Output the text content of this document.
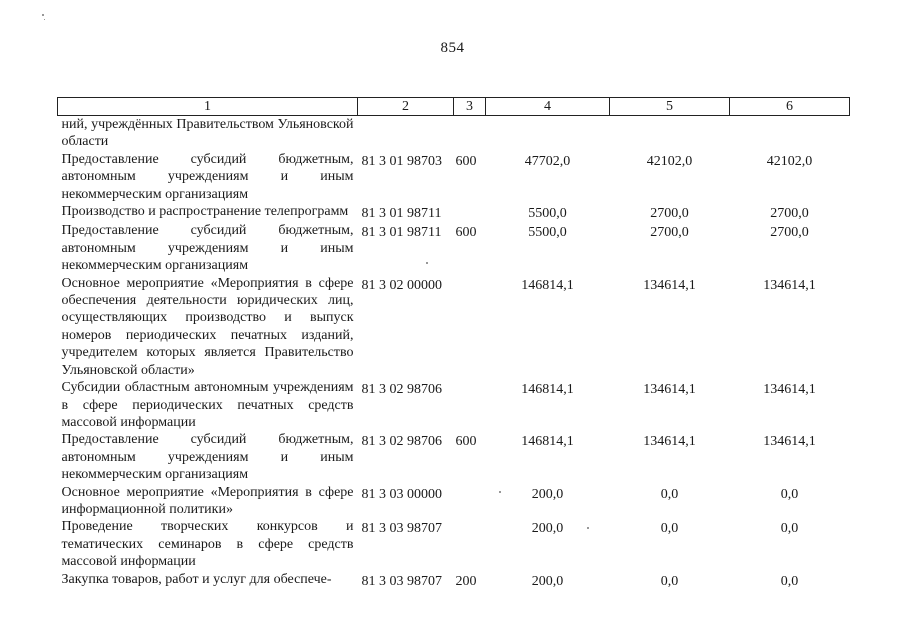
854
1	2	3	4	5	6
ний, учреждённых Правительством Ульяновской области					
Предоставление субсидий бюджетным, автономным учреждениям и иным некоммерческим организациям	81 3 01 98703	600	47702,0	42102,0	42102,0
Производство и распространение телепрограмм	81 3 01 98711		5500,0	2700,0	2700,0
Предоставление субсидий бюджетным, автономным учреждениям и иным некоммерческим организациям	81 3 01 98711	600	5500,0	2700,0	2700,0
Основное мероприятие «Мероприятия в сфере обеспечения деятельности юридических лиц, осуществляющих производство и выпуск номеров периодических печатных изданий, учредителем которых является Правительство Ульяновской области»	81 3 02 00000		146814,1	134614,1	134614,1
Субсидии областным автономным учреждениям в сфере периодических печатных средств массовой информации	81 3 02 98706		146814,1	134614,1	134614,1
Предоставление субсидий бюджетным, автономным учреждениям и иным некоммерческим организациям	81 3 02 98706	600	146814,1	134614,1	134614,1
Основное мероприятие «Мероприятия в сфере информационной политики»	81 3 03 00000		200,0	0,0	0,0
Проведение творческих конкурсов и тематических семинаров в сфере средств массовой информации	81 3 03 98707		200,0	0,0	0,0
Закупка товаров, работ и услуг для обеспече-	81 3 03 98707	200	200,0	0,0	0,0
